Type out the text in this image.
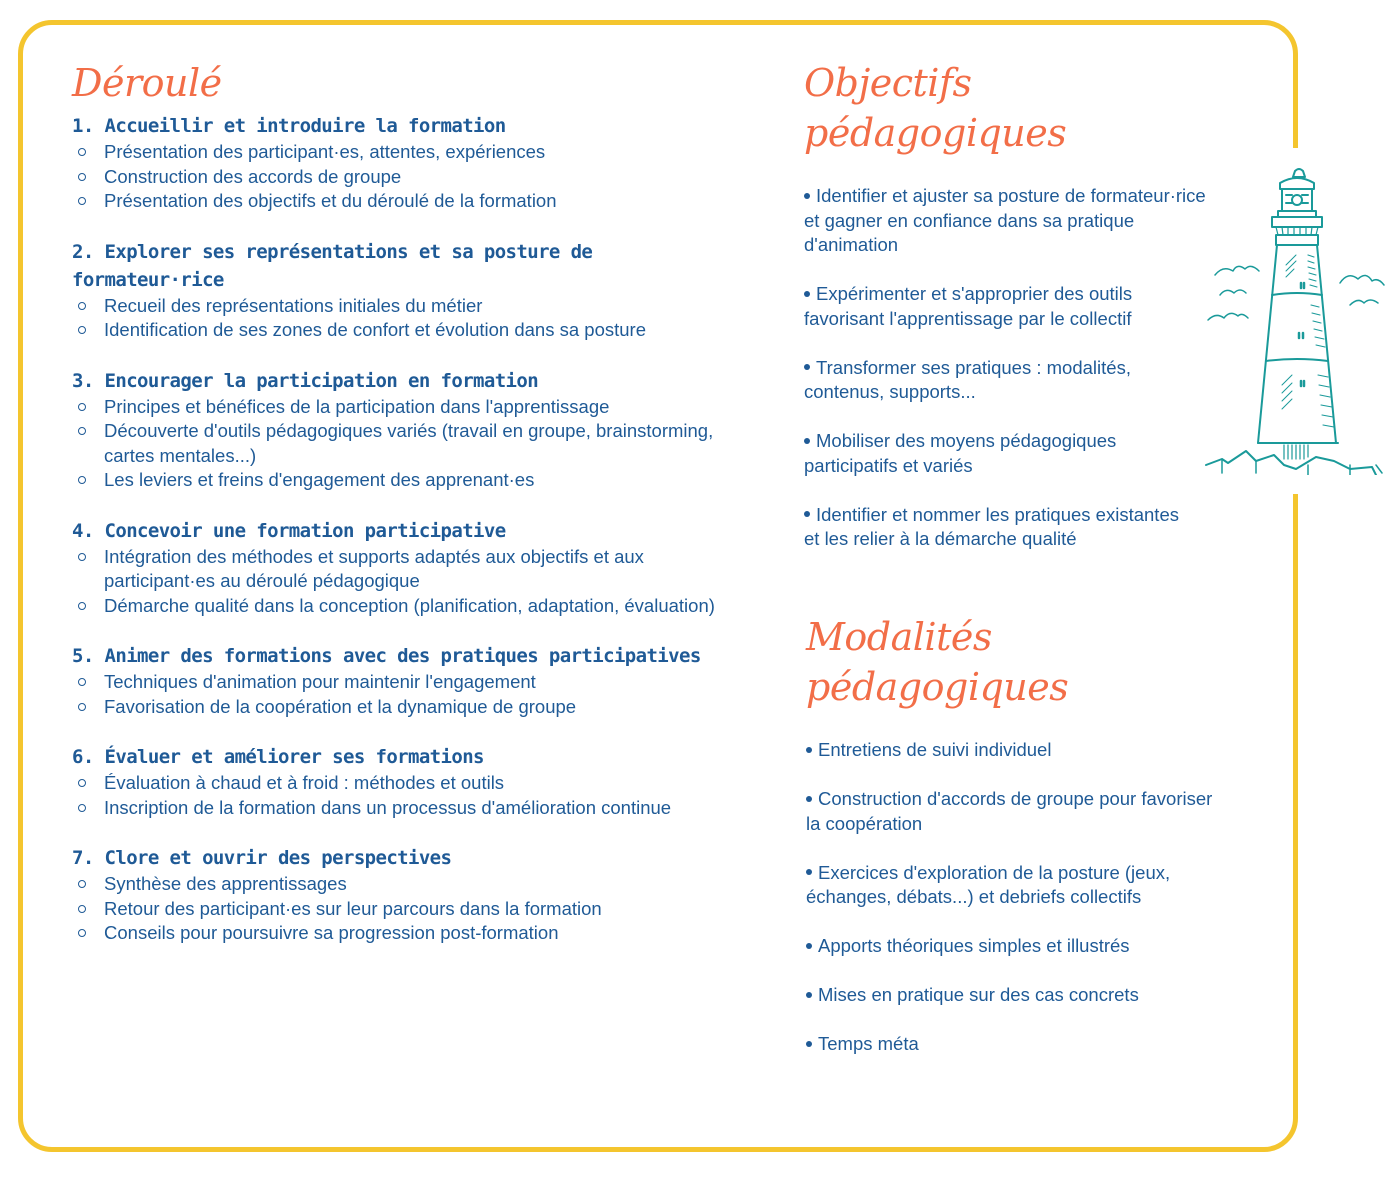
Déroulé
1. Accueillir et introduire la formation
Présentation des participant·es, attentes, expériences
Construction des accords de groupe
Présentation des objectifs et du déroulé de la formation
2. Explorer ses représentations et sa posture de formateur·rice
Recueil des représentations initiales du métier
Identification de ses zones de confort et évolution dans sa posture
3. Encourager la participation en formation
Principes et bénéfices de la participation dans l'apprentissage
Découverte d'outils pédagogiques variés (travail en groupe, brainstorming,     cartes mentales...)
Les leviers et freins d'engagement des apprenant·es
4. Concevoir une formation participative
Intégration des méthodes et supports adaptés aux objectifs et aux participant·es au déroulé pédagogique
Démarche qualité dans la conception (planification, adaptation, évaluation)
5. Animer des formations avec des pratiques participatives
Techniques d'animation pour maintenir l'engagement
Favorisation de la coopération et la dynamique de groupe
6. Évaluer et améliorer ses formations
Évaluation à chaud et à froid : méthodes et outils
Inscription de la formation dans un processus d'amélioration continue
7. Clore et ouvrir des perspectives
Synthèse des apprentissages
Retour des participant·es sur leur parcours dans la formation
Conseils pour poursuivre sa progression post-formation
Objectifs pédagogiques

Identifier et ajuster sa posture de formateur·rice et gagner en confiance dans sa pratique d'animation

Expérimenter et s'approprier des outils favorisant l'apprentissage par le collectif

Transformer ses pratiques : modalités, contenus, supports...

Mobiliser des moyens pédagogiques participatifs et variés

Identifier et nommer les pratiques existantes et les relier à la démarche qualité

Modalités pédagogiques

Entretiens de suivi individuel

Construction d'accords de groupe pour favoriser la coopération

Exercices d'exploration de la posture (jeux, échanges, débats...) et debriefs collectifs

Apports théoriques simples et illustrés

Mises en pratique sur des cas concrets

Temps méta
